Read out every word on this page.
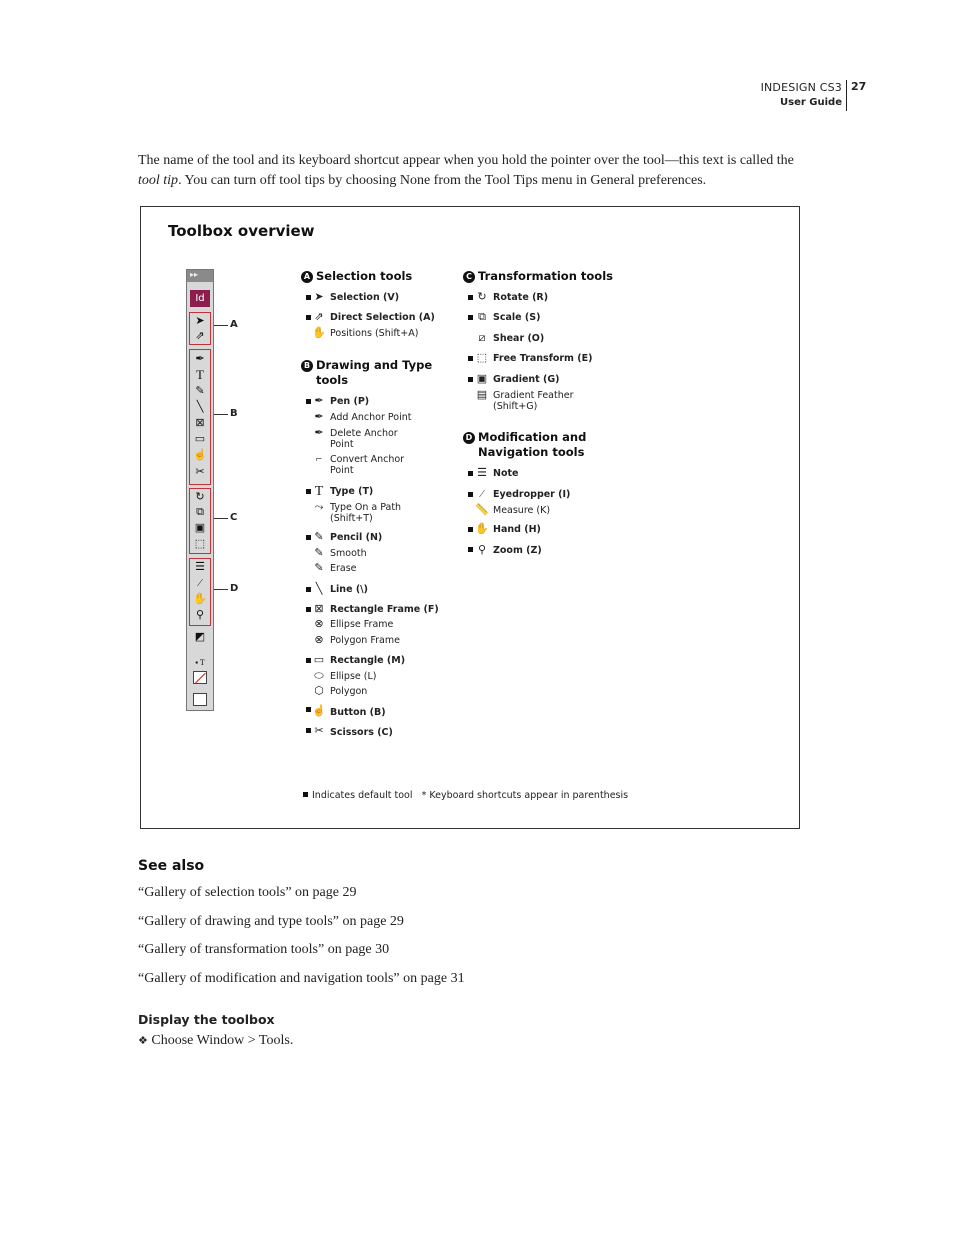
INDESIGN CS3
User Guide
27

The name of the tool and its keyboard shortcut appear when you hold the pointer over the tool—this text is called the tool tip. You can turn off tool tips by choosing None from the Tool Tips menu in General preferences.

Toolbox overview
▸▸
Id
➤
⇗
✒
T
✎
╲
⊠
▭
☝
✂
↻
⧉
▣
⬚
☰
⁄
✋
⚲
◩
▪ T
A
B
C
D
A Selection tools
➤ Selection (V)
⇗ Direct Selection (A)
✋ Positions (Shift+A)
B Drawing and Type
tools
✒ Pen (P)
✒ Add Anchor Point
✒ Delete Anchor
Point
⌐ Convert Anchor
Point
T Type (T)
⤳ Type On a Path
(Shift+T)
✎ Pencil (N)
✎ Smooth
✎ Erase
╲ Line (\)
⊠ Rectangle Frame (F)
⊗ Ellipse Frame
⊗ Polygon Frame
▭ Rectangle (M)
⬭ Ellipse (L)
⬡ Polygon
☝ Button (B)
✂ Scissors (C)
C Transformation tools
↻ Rotate (R)
⧉ Scale (S)
⧄ Shear (O)
⬚ Free Transform (E)
▣ Gradient (G)
▤ Gradient Feather
(Shift+G)
D Modification and
Navigation tools
☰ Note
⁄	Eyedropper (I)
📏 Measure (K)
✋ Hand (H)
⚲ Zoom (Z)
Indicates default tool * Keyboard shortcuts appear in parenthesis
See also
“Gallery of selection tools” on page 29
“Gallery of drawing and type tools” on page 29
“Gallery of transformation tools” on page 30
“Gallery of modification and navigation tools” on page 31
Display the toolbox
❖ Choose Window > Tools.
